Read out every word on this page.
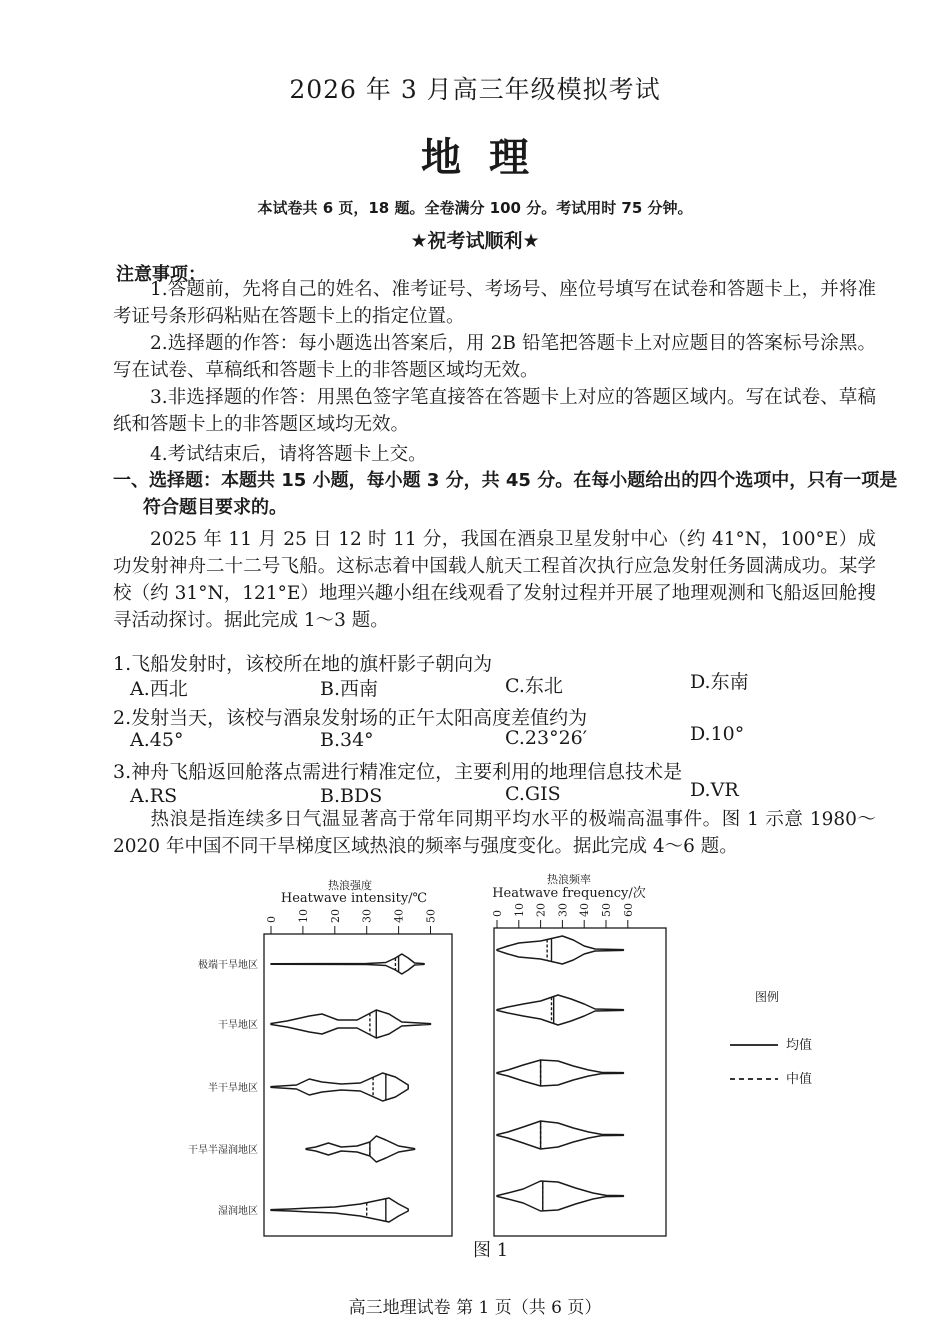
2026 年 3 月高三年级模拟考试
地理
本试卷共 6 页，18 题。全卷满分 100 分。考试用时 75 分钟。
★祝考试顺利★
注意事项：
1.答题前，先将自己的姓名、准考证号、考场号、座位号填写在试卷和答题卡上，并将准考证号条形码粘贴在答题卡上的指定位置。
2.选择题的作答：每小题选出答案后，用 2B 铅笔把答题卡上对应题目的答案标号涂黑。写在试卷、草稿纸和答题卡上的非答题区域均无效。
3.非选择题的作答：用黑色签字笔直接答在答题卡上对应的答题区域内。写在试卷、草稿纸和答题卡上的非答题区域均无效。
4.考试结束后，请将答题卡上交。
一、选择题：本题共 15 小题，每小题 3 分，共 45 分。在每小题给出的四个选项中，只有一项是符合题目要求的。
2025 年 11 月 25 日 12 时 11 分，我国在酒泉卫星发射中心（约 41°N，100°E）成功发射神舟二十二号飞船。这标志着中国载人航天工程首次执行应急发射任务圆满成功。某学校（约 31°N，121°E）地理兴趣小组在线观看了发射过程并开展了地理观测和飞船返回舱搜寻活动探讨。据此完成 1～3 题。
1.飞船发射时，该校所在地的旗杆影子朝向为
A.西北	B.西南	C.东北	D.东南
2.发射当天，该校与酒泉发射场的正午太阳高度差值约为
A.45°	B.34°	C.23°26′	D.10°
3.神舟飞船返回舱落点需进行精准定位，主要利用的地理信息技术是
A.RS	B.BDS	C.GIS	D.VR
热浪是指连续多日气温显著高于常年同期平均水平的极端高温事件。图 1 示意 1980～2020 年中国不同干旱梯度区域热浪的频率与强度变化。据此完成 4～6 题。
热浪强度
Heatwave intensity/℃
热浪频率
Heatwave frequency/次
图例
均值
中值
0 10 20 30 40 50	0 10 20 30 40 50 60
极端干旱地区
干旱地区
半干旱地区
干旱半湿润地区
湿润地区
图 1
高三地理试卷 第 1 页（共 6 页）
